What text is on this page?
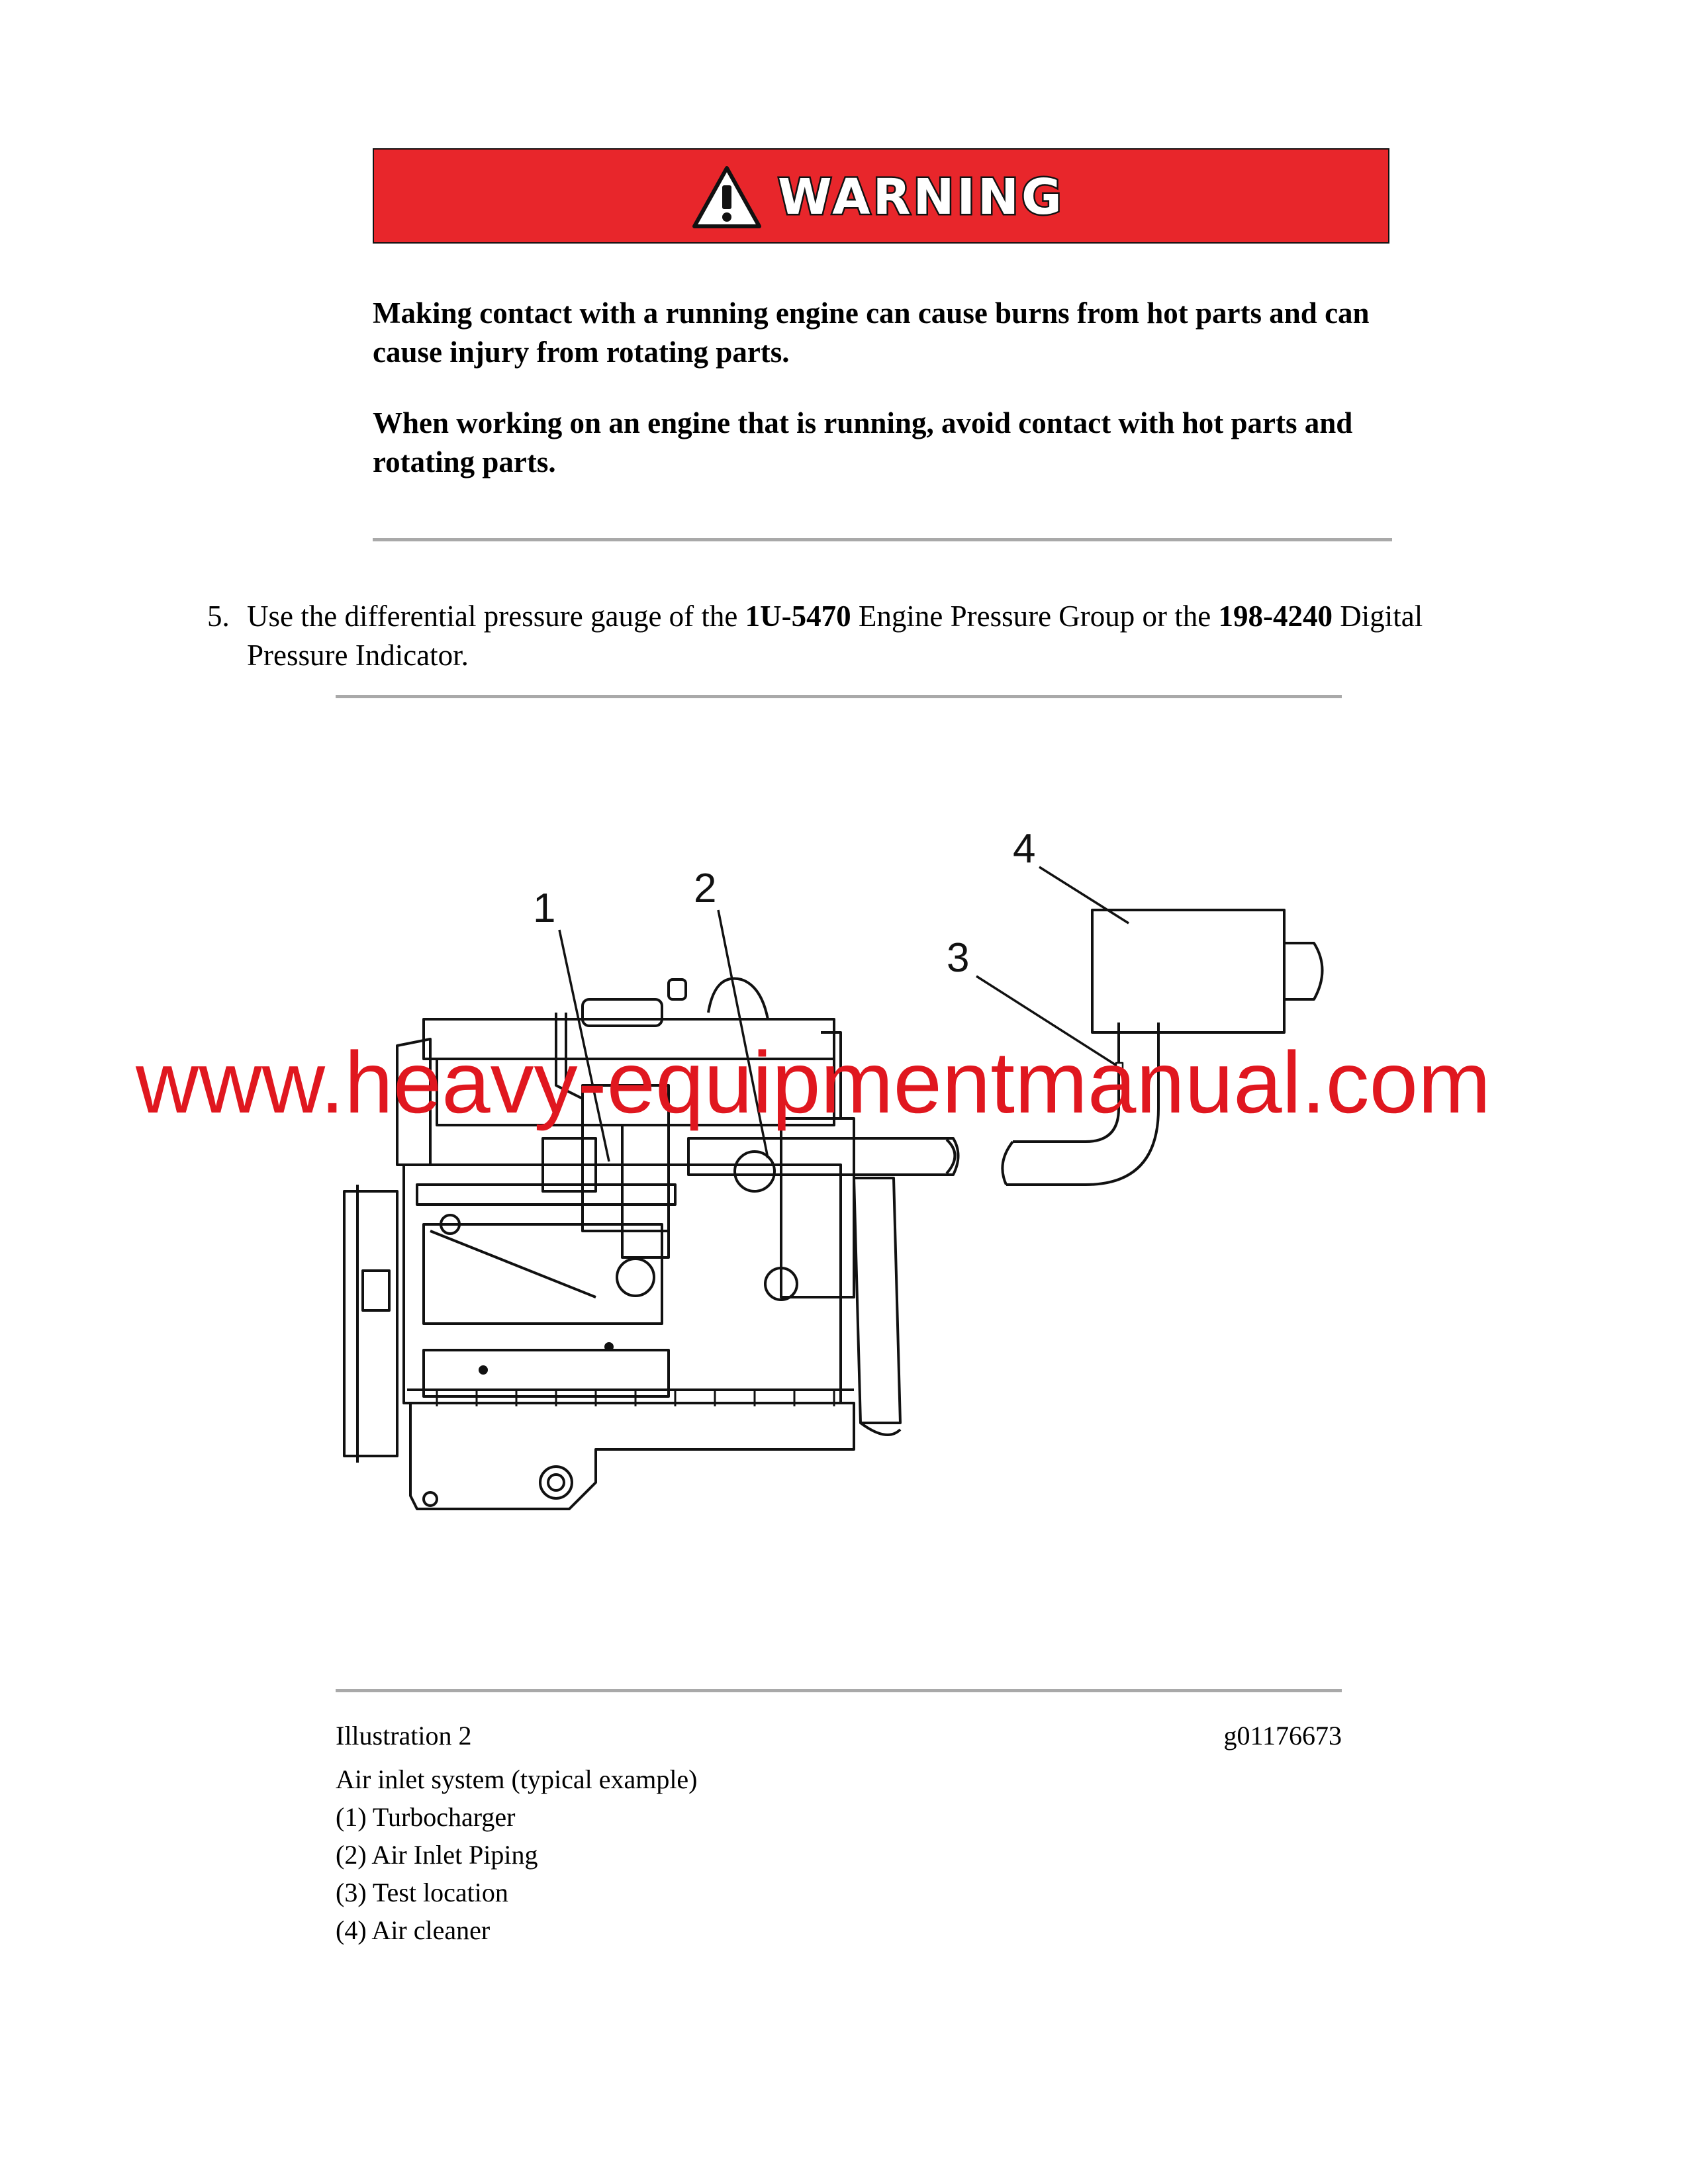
WARNING
Making contact with a running engine can cause burns from hot parts and can cause injury from rotating parts.
When working on an engine that is running, avoid contact with hot parts and rotating parts.
5. Use the differential pressure gauge of the 1U-5470 Engine Pressure Group or the 198-4240 Digital Pressure Indicator.
1	2
3
4
www.heavy-equipmentmanual.com
Illustration 2	g01176673
Air inlet system (typical example)
(1) Turbocharger
(2) Air Inlet Piping
(3) Test location
(4) Air cleaner
